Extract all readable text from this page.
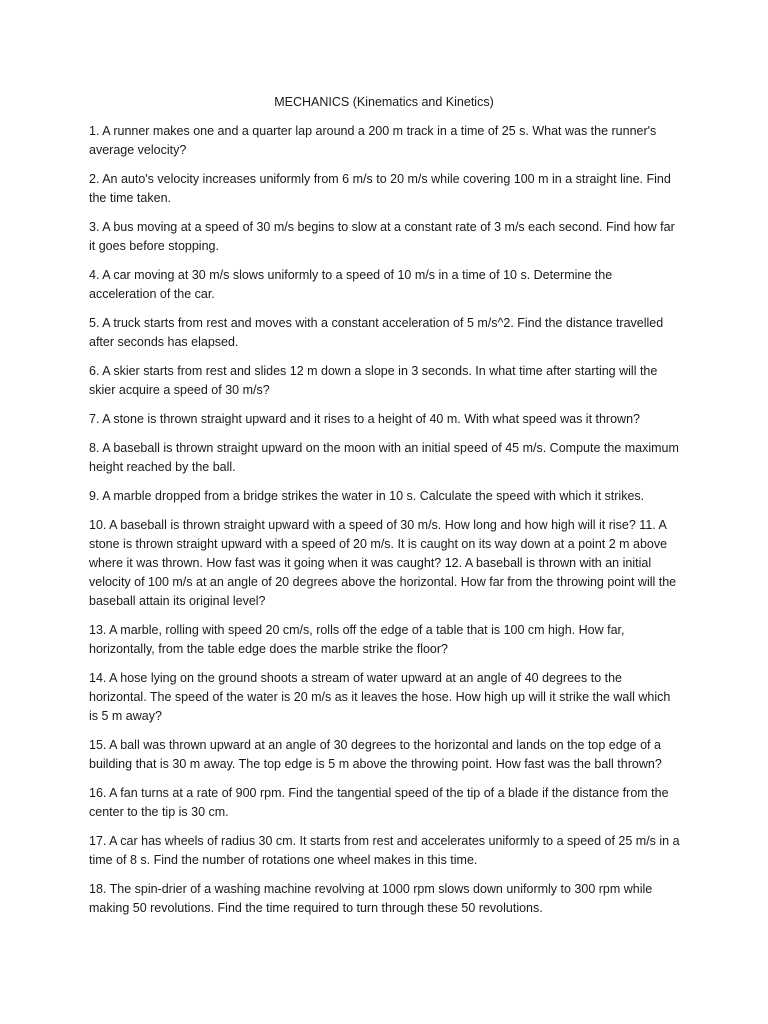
MECHANICS (Kinematics and Kinetics)
1. A runner makes one and a quarter lap around a 200 m track in a time of 25 s. What was the runner's average velocity?
2. An auto's velocity increases uniformly from 6 m/s to 20 m/s while covering 100 m in a straight line. Find the time taken.
3. A bus moving at a speed of 30 m/s begins to slow at a constant rate of 3 m/s each second. Find how far it goes before stopping.
4. A car moving at 30 m/s slows uniformly to a speed of 10 m/s in a time of 10 s. Determine the acceleration of the car.
5. A truck starts from rest and moves with a constant acceleration of 5 m/s^2. Find the distance travelled after seconds has elapsed.
6. A skier starts from rest and slides 12 m down a slope in 3 seconds. In what time after starting will the skier acquire a speed of 30 m/s?
7. A stone is thrown straight upward and it rises to a height of 40 m. With what speed was it thrown?
8. A baseball is thrown straight upward on the moon with an initial speed of 45 m/s. Compute the maximum height reached by the ball.
9. A marble dropped from a bridge strikes the water in 10 s. Calculate the speed with which it strikes.
10. A baseball is thrown straight upward with a speed of 30 m/s. How long and how high will it rise? 11. A stone is thrown straight upward with a speed of 20 m/s. It is caught on its way down at a point 2 m above where it was thrown. How fast was it going when it was caught? 12. A baseball is thrown with an initial velocity of 100 m/s at an angle of 20 degrees above the horizontal. How far from the throwing point will the baseball attain its original level?
13. A marble, rolling with speed 20 cm/s, rolls off the edge of a table that is 100 cm high. How far, horizontally, from the table edge does the marble strike the floor?
14. A hose lying on the ground shoots a stream of water upward at an angle of 40 degrees to the horizontal. The speed of the water is 20 m/s as it leaves the hose. How high up will it strike the wall which is 5 m away?
15. A ball was thrown upward at an angle of 30 degrees to the horizontal and lands on the top edge of a building that is 30 m away. The top edge is 5 m above the throwing point. How fast was the ball thrown?
16. A fan turns at a rate of 900 rpm. Find the tangential speed of the tip of a blade if the distance from the center to the tip is 30 cm.
17. A car has wheels of radius 30 cm. It starts from rest and accelerates uniformly to a speed of 25 m/s in a time of 8 s. Find the number of rotations one wheel makes in this time.
18. The spin-drier of a washing machine revolving at 1000 rpm slows down uniformly to 300 rpm while making 50 revolutions. Find the time required to turn through these 50 revolutions.
